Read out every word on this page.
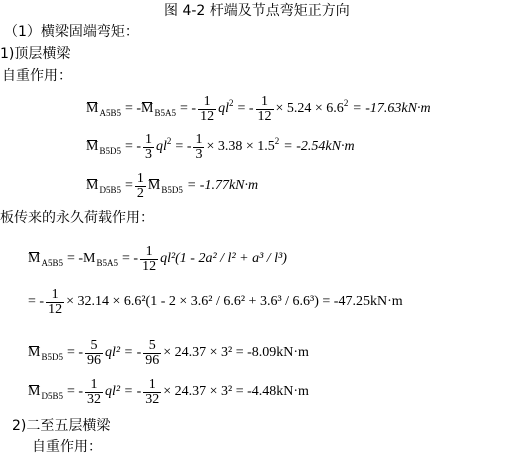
图 4-2 杆端及节点弯矩正方向
（1）横梁固端弯矩：
1)顶层横梁
自重作用：
M A5B5 = - M B5A5 = - $\frac{1}{12}$ ql 2 = - $\frac{1}{12} \times 5.24 \times 6.6$ 2 = -17.63kN·m
M B5D5 = - $\frac{1}{3}$ ql 2 = - $\frac{1}{3} \times 3.38 \times 1.5$ 2 = -2.54kN·m
M $D5B5 = \frac{1}{2}$ M B5D5 = -1.77kN·m
板传来的永久荷载作用：
M A5B5 = -M B5A5 = - $\frac{1}{12} ql^2(1 - 2a^2 / l^2 + a^3 / l^3)$
= - $\frac{1}{12} \times 32.14 \times 6.6^2(1 - 2 \times 3.6^2 / 6.6^2 + 3.6^3 / 6.6^3) = -47.25kN\cdot m$
M B5D5 = - $\frac{5}{96} ql^2$ = - $\frac{5}{96} \times 24.37 \times 3^2 = -8.09kN\cdot m$
M D5B5 = - $\frac{1}{32} ql^2$ = - $\frac{1}{32} \times 24.37 \times 3^2 = -4.48kN\cdot m$
2)二至五层横梁
自重作用：
